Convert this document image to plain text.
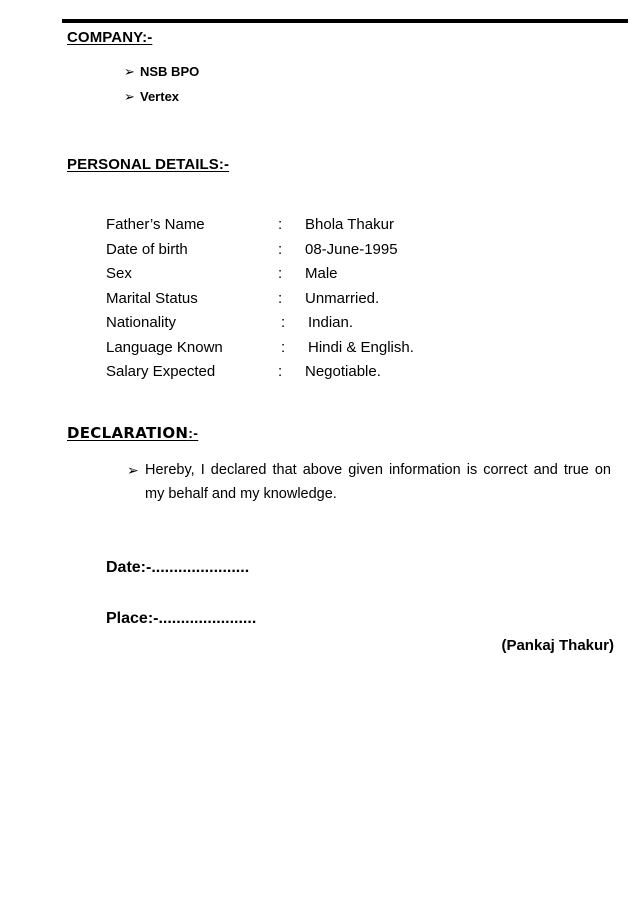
COMPANY:-
➢ NSB BPO
➢ Vertex
PERSONAL DETAILS:-
Father’s Name	: Bhola Thakur
Date of birth	: 08-June-1995
Sex	: Male
Marital Status	: Unmarried.
Nationality	: Indian.
Language Known	: Hindi & English.
Salary Expected	: Negotiable.
DECLARATION:-
➢ Hereby, I declared that above given information is correct and true on my behalf and my knowledge.
Date:-......................
Place:-......................
(Pankaj Thakur)
